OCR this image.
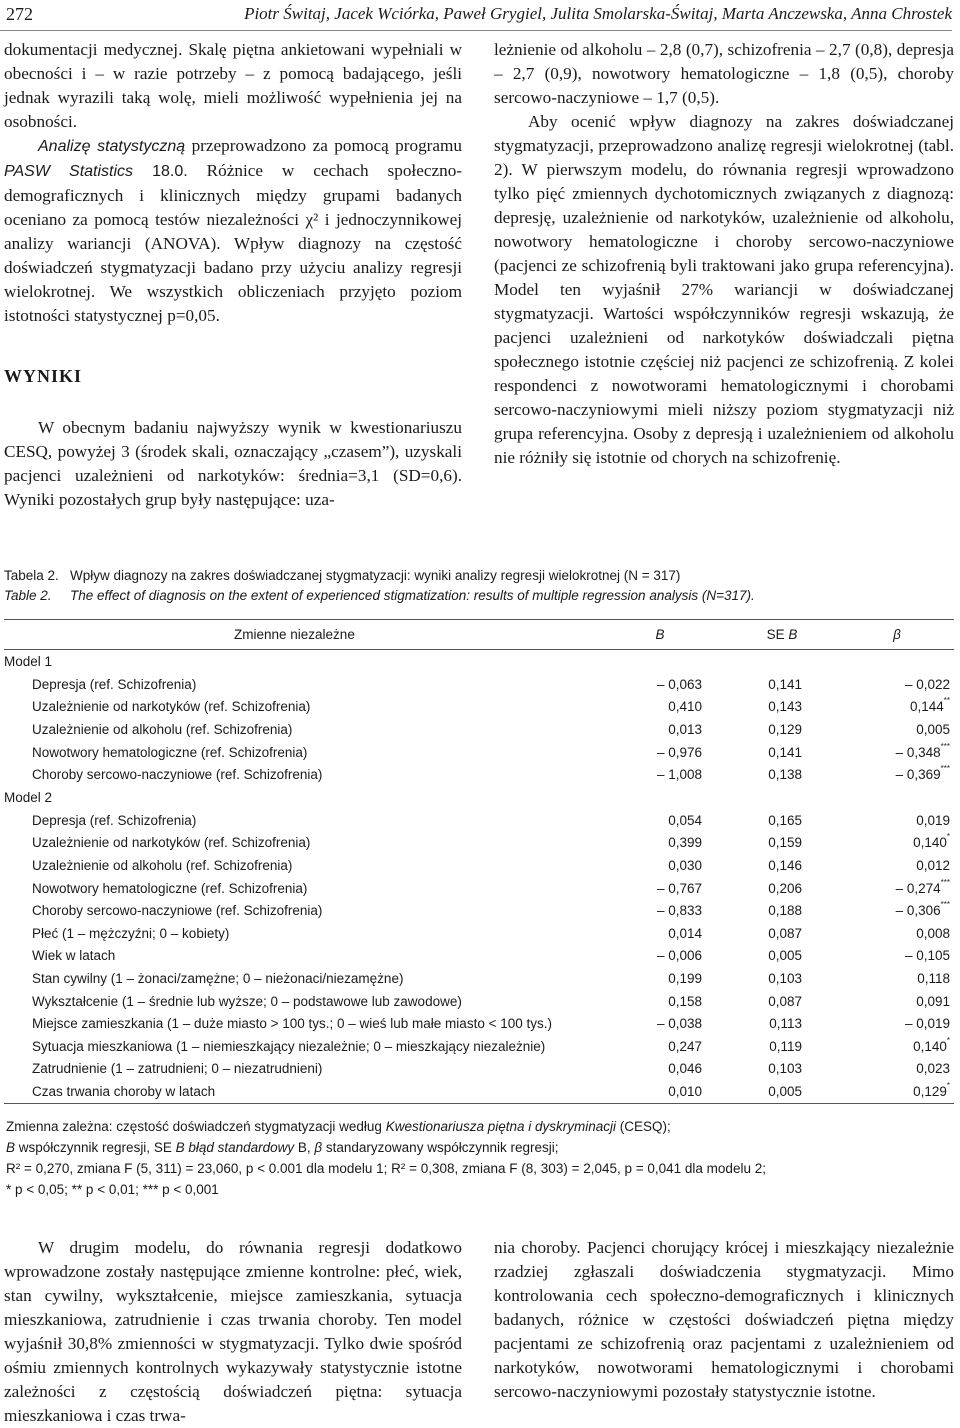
272	Piotr Świtaj, Jacek Wciórka, Paweł Grygiel, Julita Smolarska-Świtaj, Marta Anczewska, Anna Chrostek

dokumentacji medycznej. Skalę piętna ankietowani wypełniali w obecności i – w razie potrzeby – z pomocą badającego, jeśli jednak wyrazili taką wolę, mieli możliwość wypełnienia jej na osobności.

Analizę statystyczną przeprowadzono za pomocą programu PASW Statistics 18.0. Różnice w cechach społeczno-demograficznych i klinicznych między grupami badanych oceniano za pomocą testów niezależności χ² i jednoczynnikowej analizy wariancji (ANOVA). Wpływ diagnozy na częstość doświadczeń stygmatyzacji badano przy użyciu analizy regresji wielokrotnej. We wszystkich obliczeniach przyjęto poziom istotności statystycznej p=0,05.

WYNIKI

W obecnym badaniu najwyższy wynik w kwestionariuszu CESQ, powyżej 3 (środek skali, oznaczający „czasem”), uzyskali pacjenci uzależnieni od narkotyków: średnia=3,1 (SD=0,6). Wyniki pozostałych grup były następujące: uza-

leżnienie od alkoholu – 2,8 (0,7), schizofrenia – 2,7 (0,8), depresja – 2,7 (0,9), nowotwory hematologiczne – 1,8 (0,5), choroby sercowo-naczyniowe – 1,7 (0,5).

Aby ocenić wpływ diagnozy na zakres doświadczanej stygmatyzacji, przeprowadzono analizę regresji wielokrotnej (tabl. 2). W pierwszym modelu, do równania regresji wprowadzono tylko pięć zmiennych dychotomicznych związanych z diagnozą: depresję, uzależnienie od narkotyków, uzależnienie od alkoholu, nowotwory hematologiczne i choroby sercowo-naczyniowe (pacjenci ze schizofrenią byli traktowani jako grupa referencyjna). Model ten wyjaśnił 27% wariancji w doświadczanej stygmatyzacji. Wartości współczynników regresji wskazują, że pacjenci uzależnieni od narkotyków doświadczali piętna społecznego istotnie częściej niż pacjenci ze schizofrenią. Z kolei respondenci z nowotworami hematologicznymi i chorobami sercowo-naczyniowymi mieli niższy poziom stygmatyzacji niż grupa referencyjna. Osoby z depresją i uzależnieniem od alkoholu nie różniły się istotnie od chorych na schizofrenię.

Tabela 2. Wpływ diagnozy na zakres doświadczanej stygmatyzacji: wyniki analizy regresji wielokrotnej (N = 317)
Table 2.	The effect of diagnosis on the extent of experienced stigmatization: results of multiple regression analysis (N=317).
Zmienne niezależne	B	SE B	β
Model 1			
Depresja (ref. Schizofrenia)	– 0,063	0,141	– 0,022
Uzależnienie od narkotyków (ref. Schizofrenia)	0,410	0,143	0,144**
Uzależnienie od alkoholu (ref. Schizofrenia)	0,013	0,129	0,005
Nowotwory hematologiczne (ref. Schizofrenia)	– 0,976	0,141	– 0,348***
Choroby sercowo-naczyniowe (ref. Schizofrenia)	– 1,008	0,138	– 0,369***
Model 2			
Depresja (ref. Schizofrenia)	0,054	0,165	0,019
Uzależnienie od narkotyków (ref. Schizofrenia)	0,399	0,159	0,140*
Uzależnienie od alkoholu (ref. Schizofrenia)	0,030	0,146	0,012
Nowotwory hematologiczne (ref. Schizofrenia)	– 0,767	0,206	– 0,274***
Choroby sercowo-naczyniowe (ref. Schizofrenia)	– 0,833	0,188	– 0,306***
Płeć (1 – mężczyźni; 0 – kobiety)	0,014	0,087	0,008
Wiek w latach	– 0,006	0,005	– 0,105
Stan cywilny (1 – żonaci/zamężne; 0 – nieżonaci/niezamężne)	0,199	0,103	0,118
Wykształcenie (1 – średnie lub wyższe; 0 – podstawowe lub zawodowe)	0,158	0,087	0,091
Miejsce zamieszkania (1 – duże miasto > 100 tys.; 0 – wieś lub małe miasto < 100 tys.)	– 0,038	0,113	– 0,019
Sytuacja mieszkaniowa (1 – niemieszkający niezależnie; 0 – mieszkający niezależnie)	0,247	0,119	0,140*
Zatrudnienie (1 – zatrudnieni; 0 – niezatrudnieni)	0,046	0,103	0,023
Czas trwania choroby w latach	0,010	0,005	0,129*
Zmienna zależna: częstość doświadczeń stygmatyzacji według Kwestionariusza piętna i dyskryminacji (CESQ);
B współczynnik regresji, SE B błąd standardowy B, β standaryzowany współczynnik regresji;
R² = 0,270, zmiana F (5, 311) = 23,060, p < 0.001 dla modelu 1; R² = 0,308, zmiana F (8, 303) = 2,045, p = 0,041 dla modelu 2;
* p < 0,05; ** p < 0,01; *** p < 0,001

W drugim modelu, do równania regresji dodatkowo wprowadzone zostały następujące zmienne kontrolne: płeć, wiek, stan cywilny, wykształcenie, miejsce zamieszkania, sytuacja mieszkaniowa, zatrudnienie i czas trwania choroby. Ten model wyjaśnił 30,8% zmienności w stygmatyzacji. Tylko dwie spośród ośmiu zmiennych kontrolnych wykazywały statystycznie istotne zależności z częstością doświadczeń piętna: sytuacja mieszkaniowa i czas trwa-

nia choroby. Pacjenci chorujący krócej i mieszkający niezależnie rzadziej zgłaszali doświadczenia stygmatyzacji. Mimo kontrolowania cech społeczno-demograficznych i klinicznych badanych, różnice w częstości doświadczeń piętna między pacjentami ze schizofrenią oraz pacjentami z uzależnieniem od narkotyków, nowotworami hematologicznymi i chorobami sercowo-naczyniowymi pozostały statystycznie istotne.
